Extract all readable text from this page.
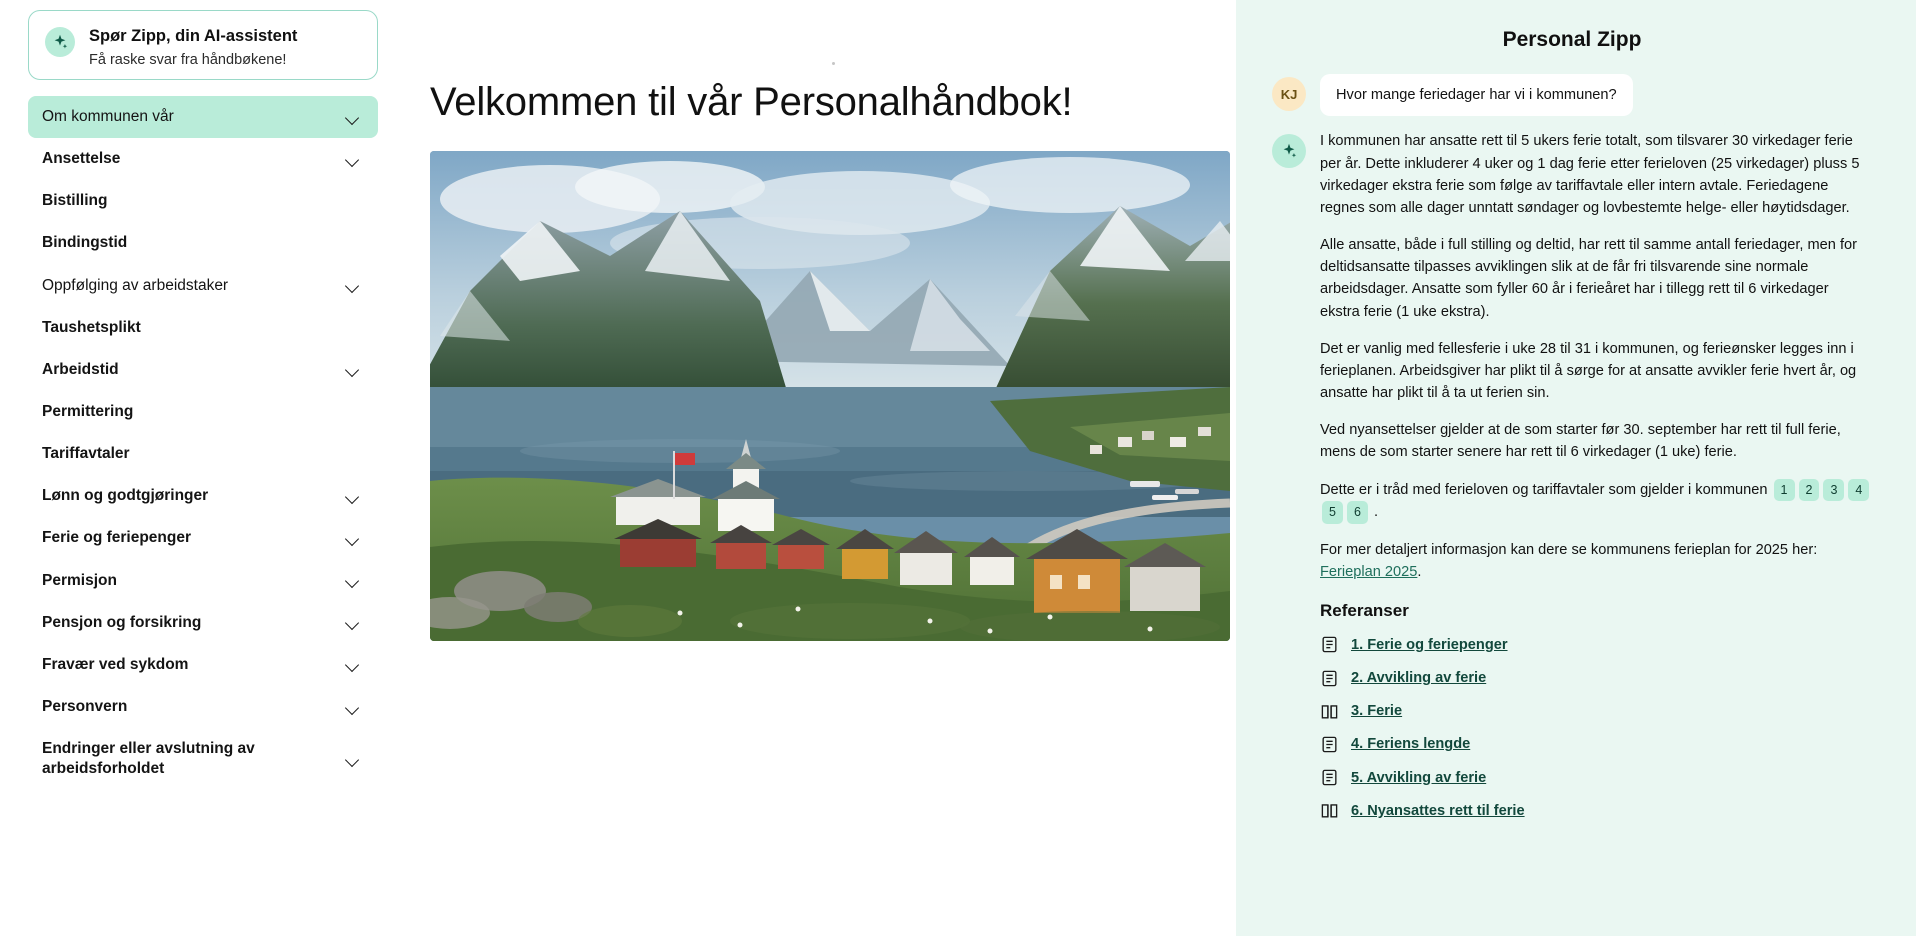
Spør Zipp, din AI-assistent
Få raske svar fra håndbøkene!
Om kommunen vår
Ansettelse
Bistilling
Bindingstid
Oppfølging av arbeidstaker
Taushetsplikt
Arbeidstid
Permittering
Tariffavtaler
Lønn og godtgjøringer
Ferie og feriepenger
Permisjon
Pensjon og forsikring
Fravær ved sykdom
Personvern
Endringer eller avslutning av arbeidsforholdet
Velkommen til vår Personalhåndbok!
Personal Zipp
KJ	Hvor mange feriedager har vi i kommunen?

I kommunen har ansatte rett til 5 ukers ferie totalt, som tilsvarer 30 virkedager ferie per år. Dette inkluderer 4 uker og 1 dag ferie etter ferieloven (25 virkedager) pluss 5 virkedager ekstra ferie som følge av tariffavtale eller intern avtale. Feriedagene regnes som alle dager unntatt søndager og lovbestemte helge- eller høytidsdager.

Alle ansatte, både i full stilling og deltid, har rett til samme antall feriedager, men for deltidsansatte tilpasses avviklingen slik at de får fri tilsvarende sine normale arbeidsdager. Ansatte som fyller 60 år i ferieåret har i tillegg rett til 6 virkedager ekstra ferie (1 uke ekstra).

Det er vanlig med fellesferie i uke 28 til 31 i kommunen, og ferieønsker legges inn i ferieplanen. Arbeidsgiver har plikt til å sørge for at ansatte avvikler ferie hvert år, og ansatte har plikt til å ta ut ferien sin.

Ved nyansettelser gjelder at de som starter før 30. september har rett til full ferie, mens de som starter senere har rett til 6 virkedager (1 uke) ferie.

Dette er i tråd med ferieloven og tariffavtaler som gjelder i kommunen 1 2 3 45 6 .

For mer detaljert informasjon kan dere se kommunens ferieplan for 2025 her: Ferieplan 2025.

Referanser
1. Ferie og feriepenger
2. Avvikling av ferie
3. Ferie
4. Feriens lengde
5. Avvikling av ferie
6. Nyansattes rett til ferie
